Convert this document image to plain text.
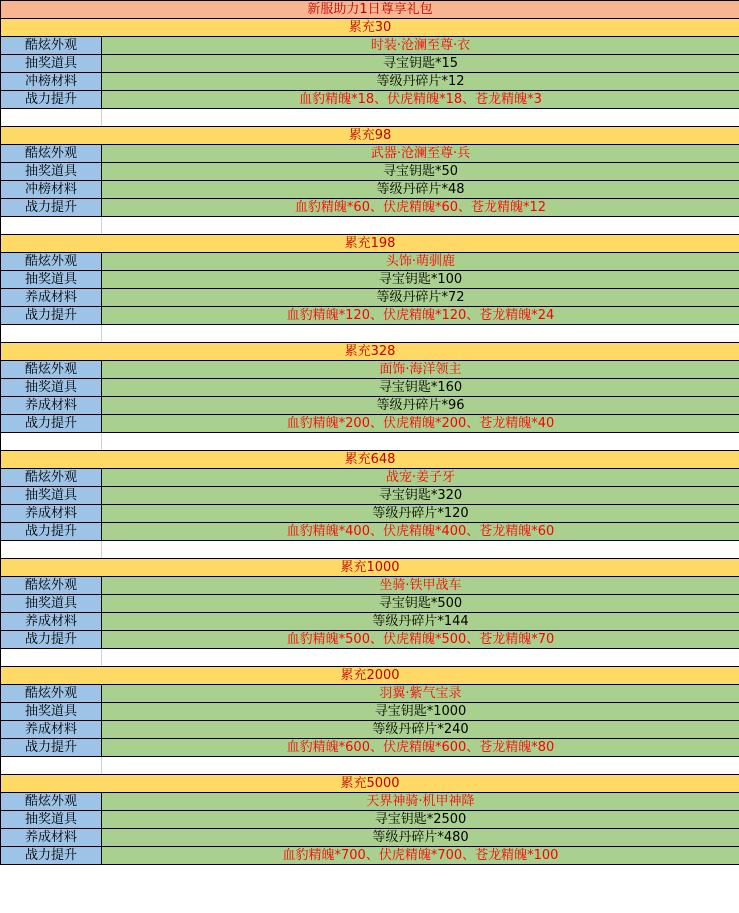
新服助力1日尊享礼包	
累充30	
酷炫外观	时装·沧澜至尊·衣
抽奖道具	寻宝钥匙*15
冲榜材料	等级丹碎片*12
战力提升	血豹精魄*18、伏虎精魄*18、苍龙精魄*3

累充98	
酷炫外观	武器·沧澜至尊·兵
抽奖道具	寻宝钥匙*50
冲榜材料	等级丹碎片*48
战力提升	血豹精魄*60、伏虎精魄*60、苍龙精魄*12

累充198	
酷炫外观	头饰·萌驯鹿
抽奖道具	寻宝钥匙*100
养成材料	等级丹碎片*72
战力提升	血豹精魄*120、伏虎精魄*120、苍龙精魄*24

累充328	
酷炫外观	面饰·海洋领主
抽奖道具	寻宝钥匙*160
养成材料	等级丹碎片*96
战力提升	血豹精魄*200、伏虎精魄*200、苍龙精魄*40

累充648	
酷炫外观	战宠·姜子牙
抽奖道具	寻宝钥匙*320
养成材料	等级丹碎片*120
战力提升	血豹精魄*400、伏虎精魄*400、苍龙精魄*60

累充1000	
酷炫外观	坐骑·铁甲战车
抽奖道具	寻宝钥匙*500
养成材料	等级丹碎片*144
战力提升	血豹精魄*500、伏虎精魄*500、苍龙精魄*70

累充2000	
酷炫外观	羽翼·紫气宝录
抽奖道具	寻宝钥匙*1000
养成材料	等级丹碎片*240
战力提升	血豹精魄*600、伏虎精魄*600、苍龙精魄*80

累充5000	
酷炫外观	天界神骑·机甲神降
抽奖道具	寻宝钥匙*2500
养成材料	等级丹碎片*480
战力提升	血豹精魄*700、伏虎精魄*700、苍龙精魄*100
